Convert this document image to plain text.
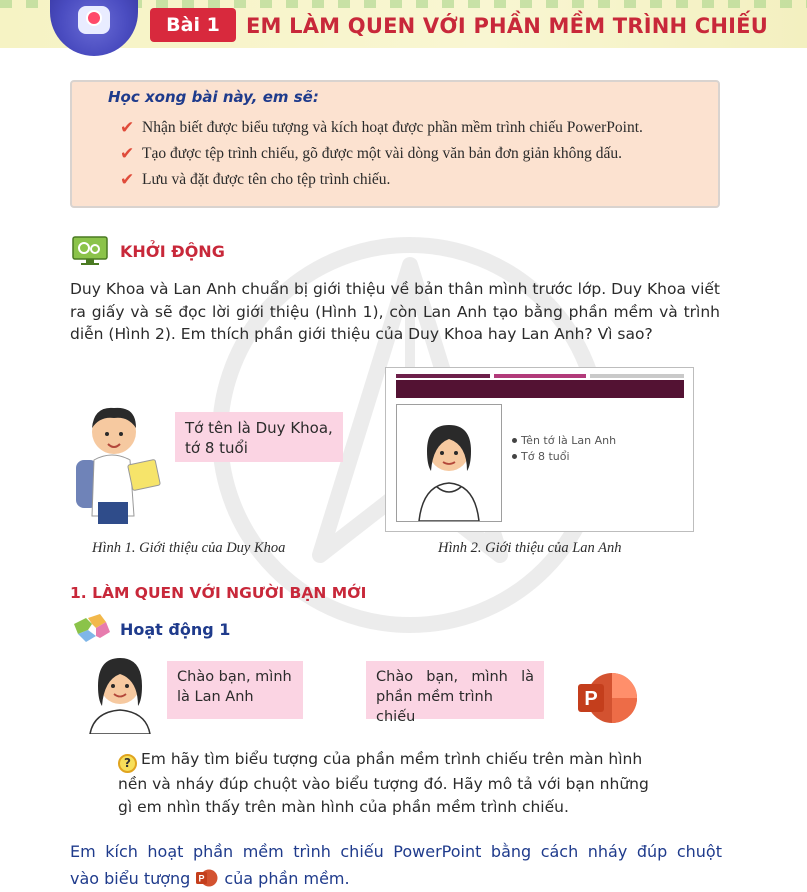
Bài 1	EM LÀM QUEN VỚI PHẦN MỀM TRÌNH CHIẾU
Học xong bài này, em sẽ:
✔ Nhận biết được biểu tượng và kích hoạt được phần mềm trình chiếu PowerPoint.
✔ Tạo được tệp trình chiếu, gõ được một vài dòng văn bản đơn giản không dấu.
✔ Lưu và đặt được tên cho tệp trình chiếu.
KHỞI ĐỘNG
Duy Khoa và Lan Anh chuẩn bị giới thiệu về bản thân mình trước lớp. Duy Khoa viết ra giấy và sẽ đọc lời giới thiệu (Hình 1), còn Lan Anh tạo bằng phần mềm và trình diễn (Hình 2). Em thích phần giới thiệu của Duy Khoa hay Lan Anh? Vì sao?
Tớ tên là Duy Khoa,
tớ 8 tuổi
Hình 1. Giới thiệu của Duy Khoa
Tên tớ là Lan Anh
Tớ 8 tuổi
Hình 2. Giới thiệu của Lan Anh
1. LÀM QUEN VỚI NGƯỜI BẠN MỚI
Hoạt động 1
Chào bạn, mình
là Lan Anh
Chào bạn, mình là
phần mềm trình chiếu
P
? Em hãy tìm biểu tượng của phần mềm trình chiếu trên màn hình
nền và nháy đúp chuột vào biểu tượng đó. Hãy mô tả với bạn những
gì em nhìn thấy trên màn hình của phần mềm trình chiếu.
Em kích hoạt phần mềm trình chiếu PowerPoint bằng cách nháy đúp chuột
vào biểu tượng P của phần mềm.
